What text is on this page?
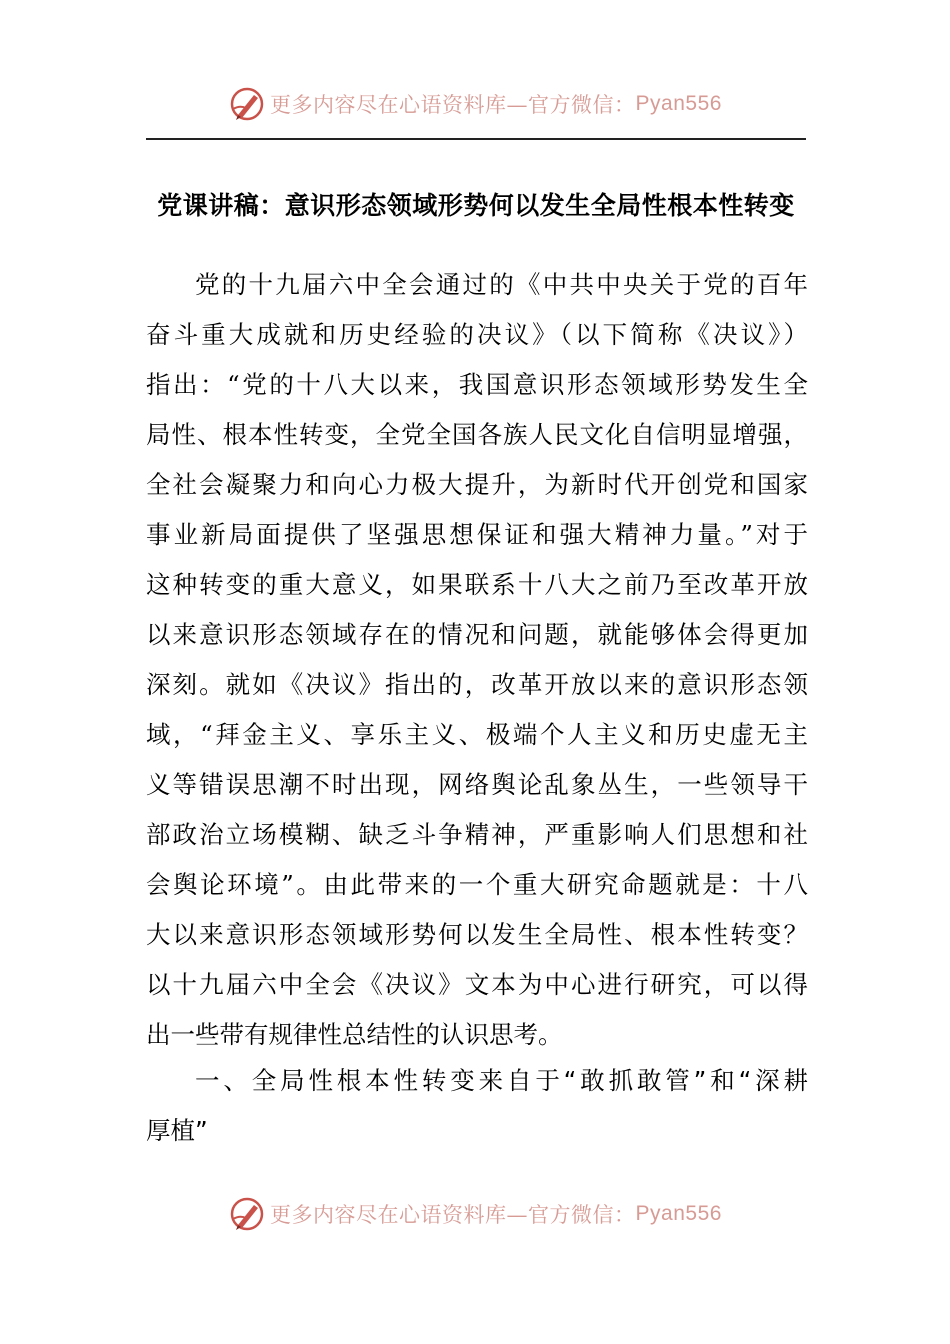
更多内容尽在心语资料库—官方微信： Pyan556
党课讲稿：意识形态领域形势何以发生全局性根本性转变
党的十九届六中全会通过的《中共中央关于党的百年
奋斗重大成就和历史经验的决议》（以下简称《决议》）
指出：“党的十八大以来，我国意识形态领域形势发生全
局性、根本性转变，全党全国各族人民文化自信明显增强，
全社会凝聚力和向心力极大提升，为新时代开创党和国家
事业新局面提供了坚强思想保证和强大精神力量。”对于
这种转变的重大意义，如果联系十八大之前乃至改革开放
以来意识形态领域存在的情况和问题，就能够体会得更加
深刻。就如《决议》指出的，改革开放以来的意识形态领
域，“拜金主义、享乐主义、极端个人主义和历史虚无主
义等错误思潮不时出现，网络舆论乱象丛生，一些领导干
部政治立场模糊、缺乏斗争精神，严重影响人们思想和社
会舆论环境”。由此带来的一个重大研究命题就是：十八
大以来意识形态领域形势何以发生全局性、根本性转变？
以十九届六中全会《决议》文本为中心进行研究，可以得
出一些带有规律性总结性的认识思考。
一、全局性根本性转变来自于“敢抓敢管”和“深耕
厚植”
更多内容尽在心语资料库—官方微信： Pyan556
